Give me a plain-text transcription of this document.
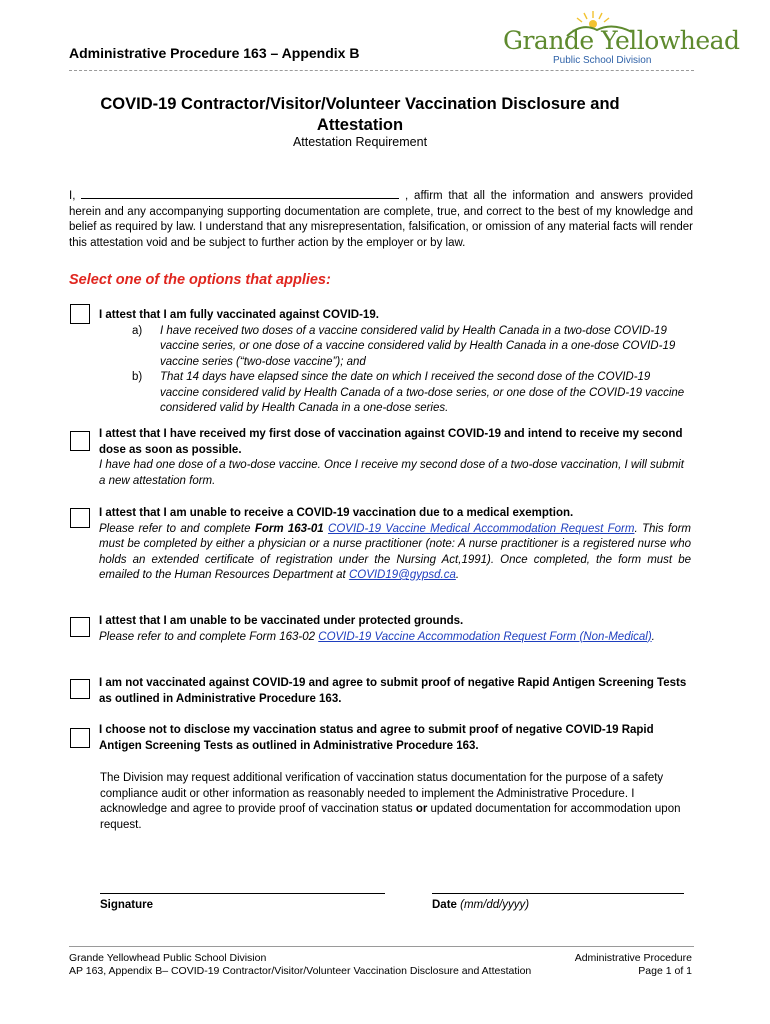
Administrative Procedure 163 – Appendix B	Grande Yellowhead
Public School Division
COVID-19 Contractor/Visitor/Volunteer Vaccination Disclosure and
Attestation
Attestation Requirement
I,	, affirm that all the information and answers provided herein and any accompanying supporting documentation are complete, true, and correct to the best of my knowledge and belief as required by law. I understand that any misrepresentation, falsification, or omission of any material facts will render this attestation void and be subject to further action by the employer or by law.
Select one of the options that applies:
I attest that I am fully vaccinated against COVID-19.
a) I have received two doses of a vaccine considered valid by Health Canada in a two-dose COVID-19 vaccine series, or one dose of a vaccine considered valid by Health Canada in a one-dose COVID-19 vaccine series (“two-dose vaccine”); and
b) That 14 days have elapsed since the date on which I received the second dose of the COVID-19 vaccine considered valid by Health Canada of a two-dose series, or one dose of the COVID-19 vaccine considered valid by Health Canada in a one-dose series.
I attest that I have received my first dose of vaccination against COVID-19 and intend to receive my second dose as soon as possible.
I have had one dose of a two-dose vaccine. Once I receive my second dose of a two-dose vaccination, I will submit a new attestation form.
I attest that I am unable to receive a COVID-19 vaccination due to a medical exemption.
Please refer to and complete Form 163-01 COVID-19 Vaccine Medical Accommodation Request Form. This form must be completed by either a physician or a nurse practitioner (note: A nurse practitioner is a registered nurse who holds an extended certificate of registration under the Nursing Act,1991). Once completed, the form must be emailed to the Human Resources Department at COVID19@gypsd.ca.
I attest that I am unable to be vaccinated under protected grounds.
Please refer to and complete Form 163-02 COVID-19 Vaccine Accommodation Request Form (Non-Medical).
I am not vaccinated against COVID-19 and agree to submit proof of negative Rapid Antigen Screening Tests as outlined in Administrative Procedure 163.
I choose not to disclose my vaccination status and agree to submit proof of negative COVID-19 Rapid Antigen Screening Tests as outlined in Administrative Procedure 163.
The Division may request additional verification of vaccination status documentation for the purpose of a safety compliance audit or other information as reasonably needed to implement the Administrative Procedure. I acknowledge and agree to provide proof of vaccination status or updated documentation for accommodation upon request.
Signature	Date (mm/dd/yyyy)
Grande Yellowhead Public School Division
AP 163, Appendix B– COVID-19 Contractor/Visitor/Volunteer Vaccination Disclosure and Attestation
Administrative Procedure
Page 1 of 1
